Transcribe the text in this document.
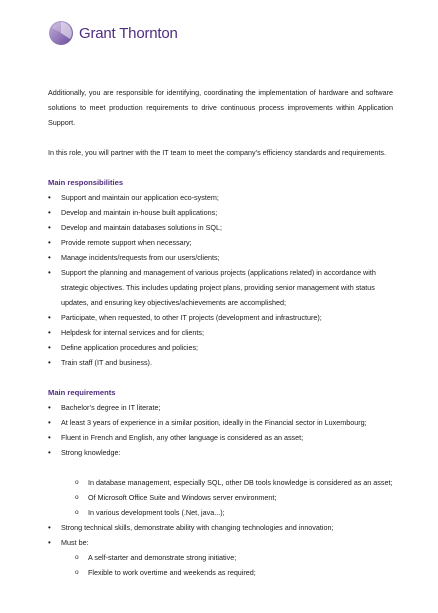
Grant Thornton

Additionally, you are responsible for identifying, coordinating the implementation of hardware and software solutions to meet production requirements to drive continuous process improvements within Application Support.

In this role, you will partner with the IT team to meet the company’s efficiency standards and requirements.

Main responsibilities
• Support and maintain our application eco-system;
• Develop and maintain in-house built applications;
• Develop and maintain databases solutions in SQL;
• Provide remote support when necessary;
• Manage incidents/requests from our users/clients;
• Support the planning and management of various projects (applications related) in accordance with strategic objectives. This includes updating project plans, providing senior management with status updates, and ensuring key objectives/achievements are accomplished;
• Participate, when requested, to other IT projects (development and infrastructure);
• Helpdesk for internal services and for clients;
• Define application procedures and policies;
• Train staff (IT and business).
Main requirements
• Bachelor’s degree in IT literate;
• At least 3 years of experience in a similar position, ideally in the Financial sector in Luxembourg;
• Fluent in French and English, any other language is considered as an asset;
• Strong knowledge:
o In database management, especially SQL, other DB tools knowledge is considered as an asset;
o Of Microsoft Office Suite and Windows server environment;
o In various development tools (.Net, java...);
• Strong technical skills, demonstrate ability with changing technologies and innovation;
• Must be:
o A self-starter and demonstrate strong initiative;
o Flexible to work overtime and weekends as required;
